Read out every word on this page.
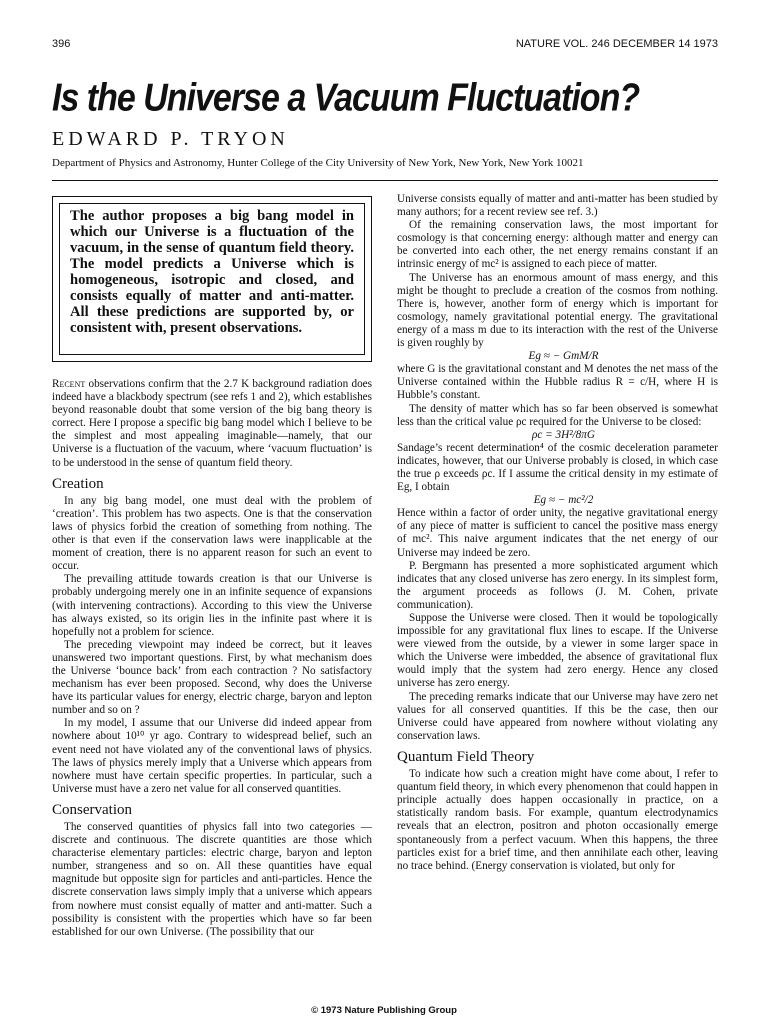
396	NATURE VOL. 246 DECEMBER 14 1973
Is the Universe a Vacuum Fluctuation?
EDWARD P. TRYON
Department of Physics and Astronomy, Hunter College of the City University of New York, New York, New York 10021
The author proposes a big bang model in which our Universe is a fluctuation of the vacuum, in the sense of quantum field theory. The model predicts a Universe which is homogeneous, isotropic and closed, and consists equally of matter and anti-matter. All these predictions are supported by, or consistent with, present observations.

Recent observations confirm that the 2.7 K background radiation does indeed have a blackbody spectrum (see refs 1 and 2), which establishes beyond reasonable doubt that some version of the big bang theory is correct. Here I propose a specific big bang model which I believe to be the simplest and most appealing imaginable—namely, that our Universe is a fluctuation of the vacuum, where ‘vacuum fluctuation’ is to be understood in the sense of quantum field theory.

Creation

In any big bang model, one must deal with the problem of ‘creation’. This problem has two aspects. One is that the conservation laws of physics forbid the creation of something from nothing. The other is that even if the conservation laws were inapplicable at the moment of creation, there is no apparent reason for such an event to occur.

The prevailing attitude towards creation is that our Universe is probably undergoing merely one in an infinite sequence of expansions (with intervening contractions). According to this view the Universe has always existed, so its origin lies in the infinite past where it is hopefully not a problem for science.

The preceding viewpoint may indeed be correct, but it leaves unanswered two important questions. First, by what mechanism does the Universe ‘bounce back’ from each contraction ? No satisfactory mechanism has ever been proposed. Second, why does the Universe have its particular values for energy, electric charge, baryon and lepton number and so on ?

In my model, I assume that our Universe did indeed appear from nowhere about 10¹⁰ yr ago. Contrary to widespread belief, such an event need not have violated any of the conventional laws of physics. The laws of physics merely imply that a Universe which appears from nowhere must have certain specific properties. In particular, such a Universe must have a zero net value for all conserved quantities.

Conservation

The conserved quantities of physics fall into two categories —discrete and continuous. The discrete quantities are those which characterise elementary particles: electric charge, baryon and lepton number, strangeness and so on. All these quantities have equal magnitude but opposite sign for particles and anti-particles. Hence the discrete conservation laws simply imply that a universe which appears from nowhere must consist equally of matter and anti-matter. Such a possibility is consistent with the properties which have so far been established for our own Universe. (The possibility that our

Universe consists equally of matter and anti-matter has been studied by many authors; for a recent review see ref. 3.)

Of the remaining conservation laws, the most important for cosmology is that concerning energy: although matter and energy can be converted into each other, the net energy remains constant if an intrinsic energy of mc² is assigned to each piece of matter.

The Universe has an enormous amount of mass energy, and this might be thought to preclude a creation of the cosmos from nothing. There is, however, another form of energy which is important for cosmology, namely gravitational potential energy. The gravitational energy of a mass m due to its interaction with the rest of the Universe is given roughly by

Eg ≈ − GmM/R

where G is the gravitational constant and M denotes the net mass of the Universe contained within the Hubble radius R = c/H, where H is Hubble’s constant.

The density of matter which has so far been observed is somewhat less than the critical value ρc required for the Universe to be closed:

ρc = 3H²/8πG

Sandage’s recent determination⁴ of the cosmic deceleration parameter indicates, however, that our Universe probably is closed, in which case the true ρ exceeds ρc. If I assume the critical density in my estimate of Eg, I obtain

Eg ≈ − mc²/2

Hence within a factor of order unity, the negative gravitational energy of any piece of matter is sufficient to cancel the positive mass energy of mc². This naive argument indicates that the net energy of our Universe may indeed be zero.

P. Bergmann has presented a more sophisticated argument which indicates that any closed universe has zero energy. In its simplest form, the argument proceeds as follows (J. M. Cohen, private communication).

Suppose the Universe were closed. Then it would be topologically impossible for any gravitational flux lines to escape. If the Universe were viewed from the outside, by a viewer in some larger space in which the Universe were imbedded, the absence of gravitational flux would imply that the system had zero energy. Hence any closed universe has zero energy.

The preceding remarks indicate that our Universe may have zero net values for all conserved quantities. If this be the case, then our Universe could have appeared from nowhere without violating any conservation laws.

Quantum Field Theory

To indicate how such a creation might have come about, I refer to quantum field theory, in which every phenomenon that could happen in principle actually does happen occasionally in practice, on a statistically random basis. For example, quantum electrodynamics reveals that an electron, positron and photon occasionally emerge spontaneously from a perfect vacuum. When this happens, the three particles exist for a brief time, and then annihilate each other, leaving no trace behind. (Energy conservation is violated, but only for

© 1973 Nature Publishing Group
